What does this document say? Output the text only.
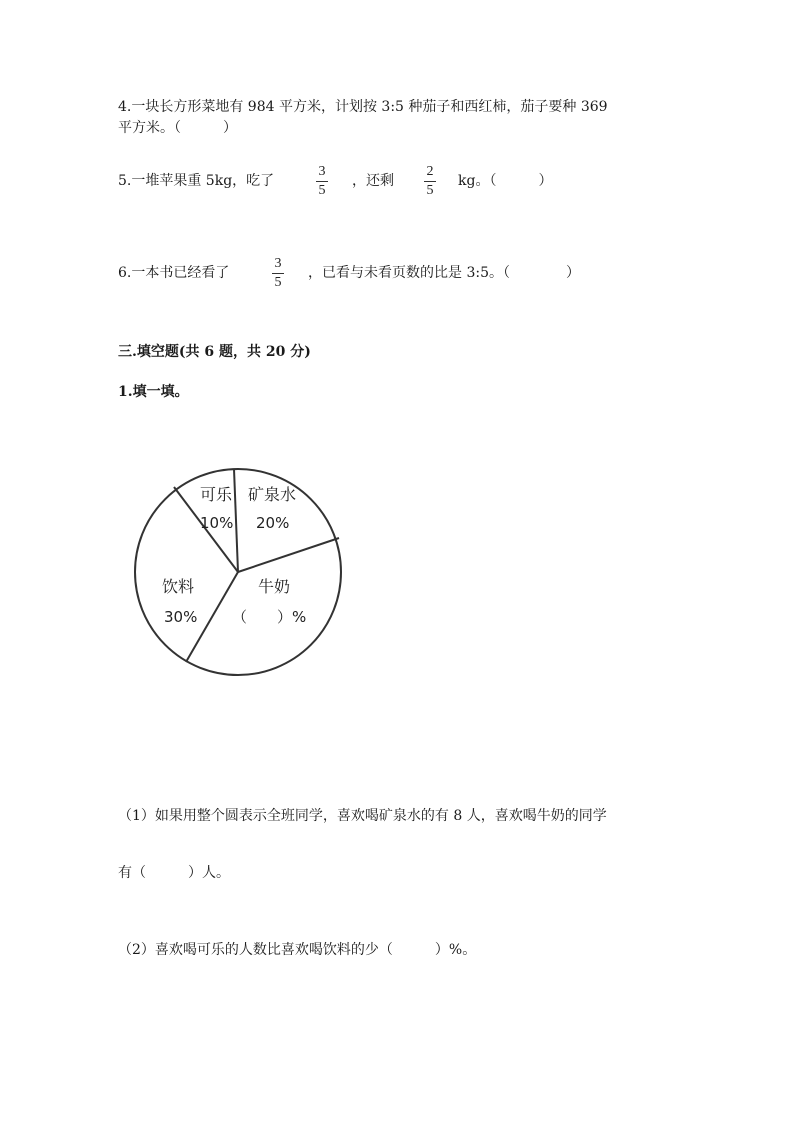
4.一块长方形菜地有 984 平方米，计划按 3:5 种茄子和西红柿，茄子要种 369
平方米。（　　　）
5.一堆苹果重 5kg，吃了
3
5
，还剩
2
5
kg。（　　　）
6.一本书已经看了
3
5
，已看与未看页数的比是 3:5。（　　　　）
三.填空题(共 6 题，共 20 分)
1.填一填。
可乐
10%
矿泉水
20%
牛奶
（　　）%
饮料
30%
（1）如果用整个圆表示全班同学，喜欢喝矿泉水的有 8 人，喜欢喝牛奶的同学
有（　　　）人。
（2）喜欢喝可乐的人数比喜欢喝饮料的少（　　　）%。
